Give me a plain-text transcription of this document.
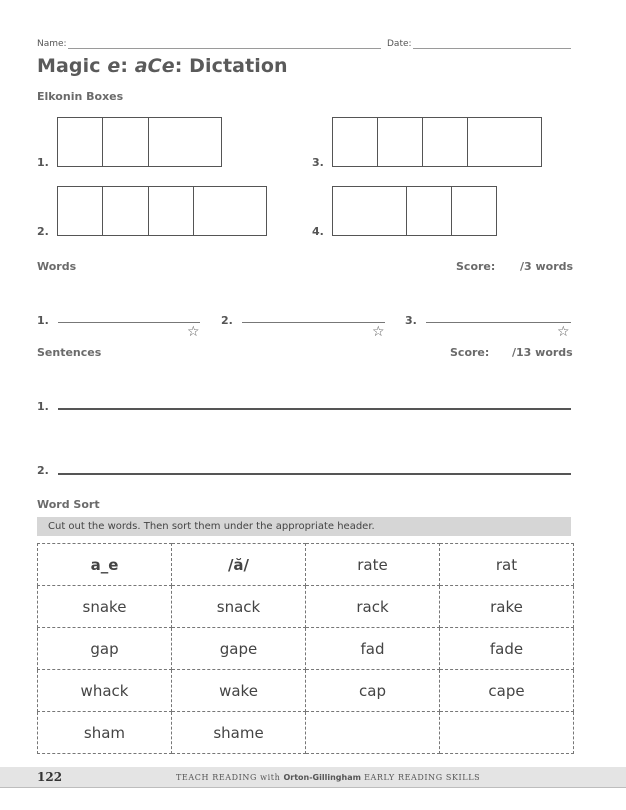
Name:	Date:
Magic e: aCe: Dictation
Elkonin Boxes
1.
2.
3.
4.
Words	Score: /3 words
1.
☆
2.
☆
3.
☆
Sentences	Score: /13 words
1.
2.
Word Sort
Cut out the words. Then sort them under the appropriate header.
a_e	/ă/	rate	rat
snake	snack	rack	rake
gap	gape	fad	fade
whack	wake	cap	cape
sham	shame		
122	TEACH READING with Orton-Gillingham EARLY READING SKILLS
